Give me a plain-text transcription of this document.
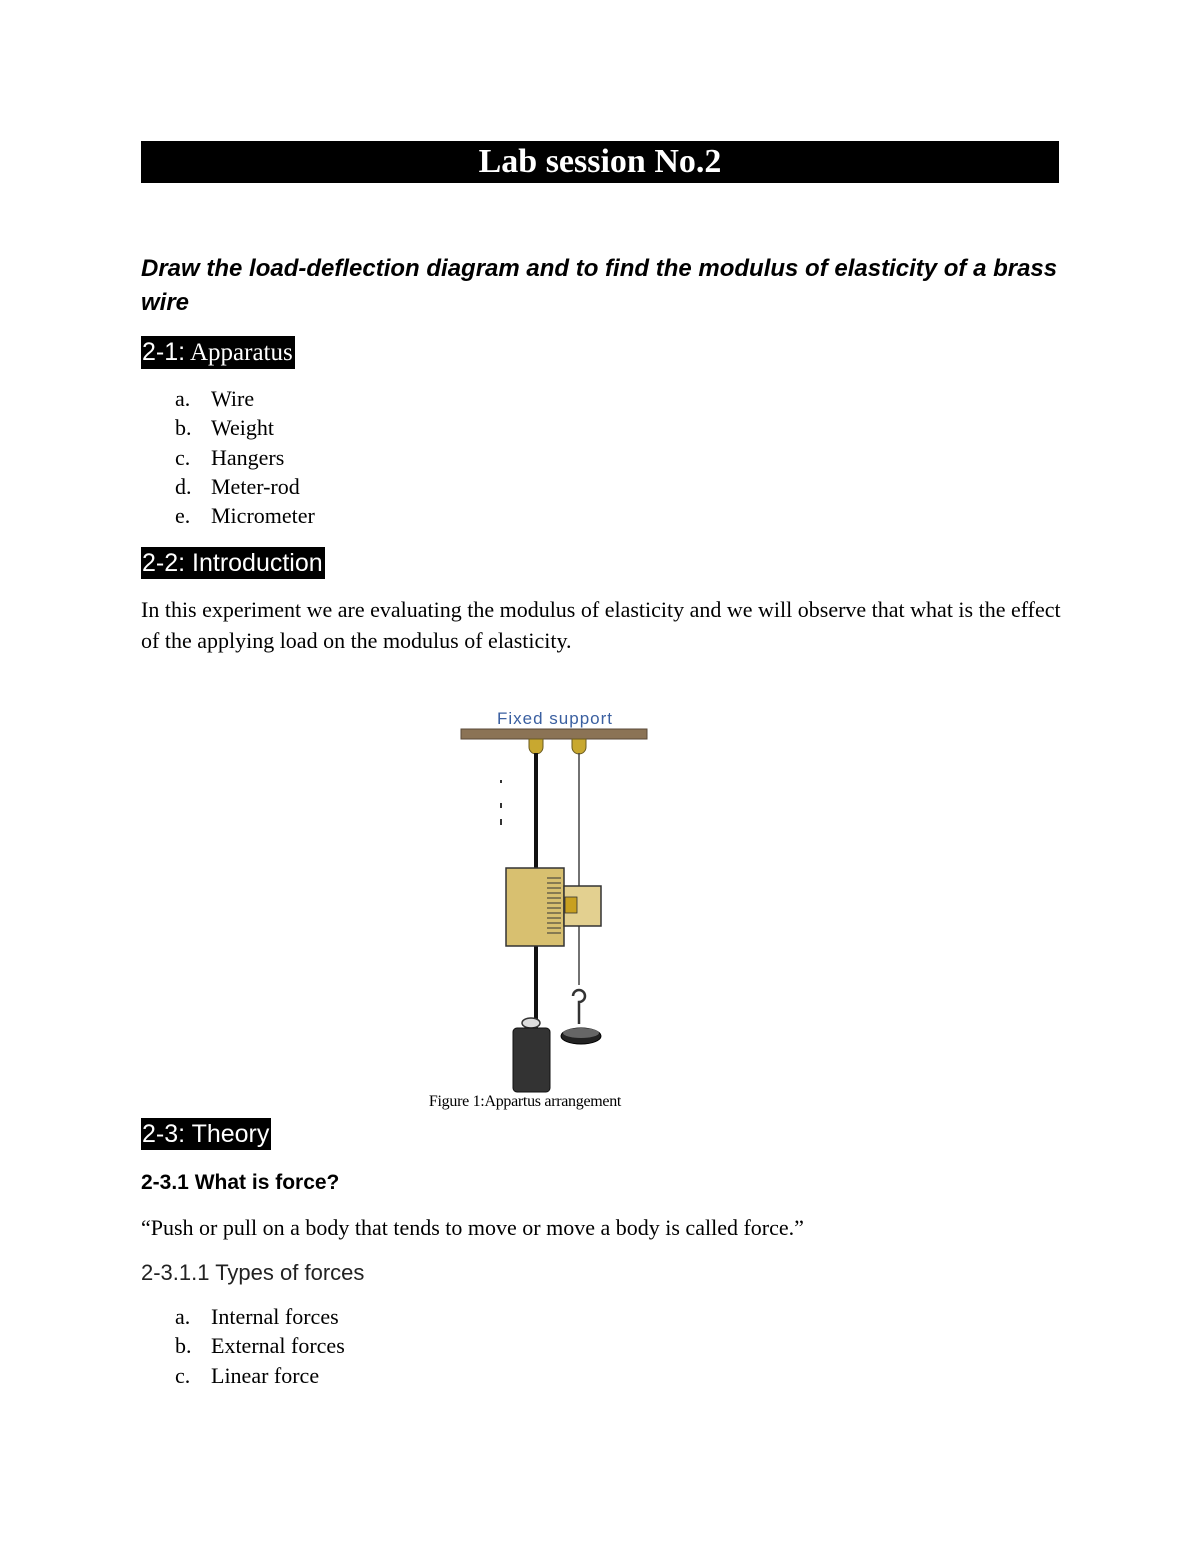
Lab session No.2
Draw the load-deflection diagram and to find the modulus of elasticity of a brass wire
2-1: Apparatus
a. Wire
b. Weight
c. Hangers
d. Meter-rod
e. Micrometer
2-2: Introduction
In this experiment we are evaluating the modulus of elasticity and we will observe that what is the effect of the applying load on the modulus of elasticity.
Fixed support
Figure 1:Appartus arrangement
2-3: Theory
2-3.1 What is force?
“Push or pull on a body that tends to move or move a body is called force.”
2-3.1.1 Types of forces
a. Internal forces
b. External forces
c. Linear force
